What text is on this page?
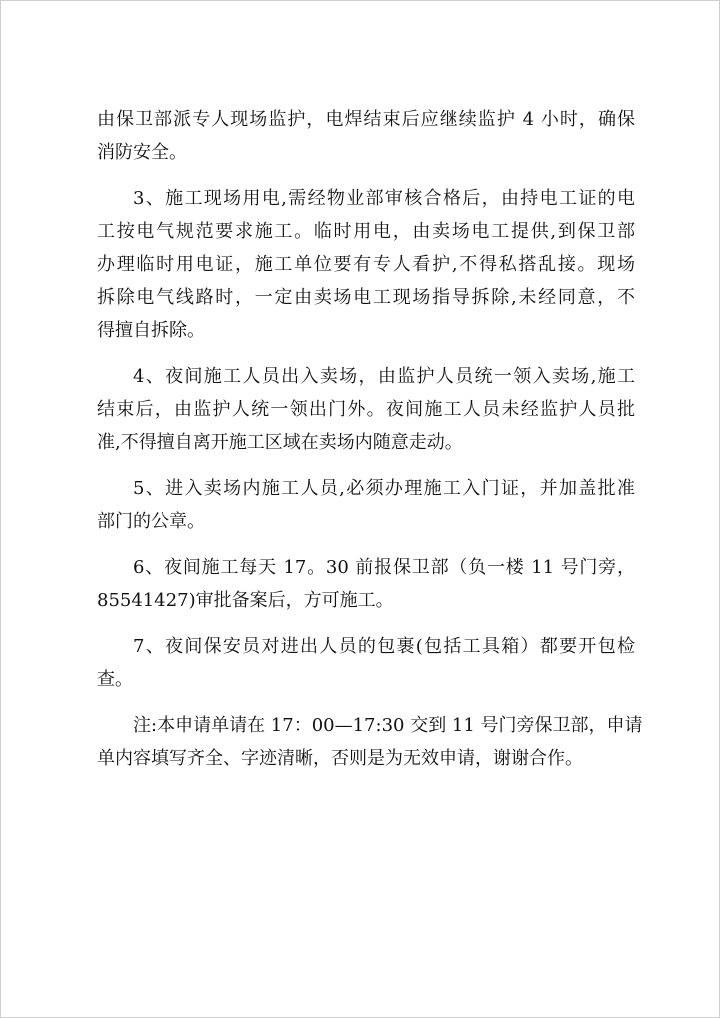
由保卫部派专人现场监护，电焊结束后应继续监护 4 小时，确保
消防安全。
3、施工现场用电,需经物业部审核合格后，由持电工证的电
工按电气规范要求施工。临时用电，由卖场电工提供,到保卫部
办理临时用电证，施工单位要有专人看护,不得私搭乱接。现场
拆除电气线路时，一定由卖场电工现场指导拆除,未经同意，不
得擅自拆除。
4、夜间施工人员出入卖场，由监护人员统一领入卖场,施工
结束后，由监护人统一领出门外。夜间施工人员未经监护人员批
准,不得擅自离开施工区域在卖场内随意走动。
5、进入卖场内施工人员,必须办理施工入门证，并加盖批准
部门的公章。
6、夜间施工每天 17。30 前报保卫部（负一楼 11 号门旁，
85541427)审批备案后，方可施工。
7、夜间保安员对进出人员的包裹(包括工具箱）都要开包检
查。
注:本申请单请在 17：00—17:30 交到 11 号门旁保卫部，申请
单内容填写齐全、字迹清晰，否则是为无效申请，谢谢合作。
